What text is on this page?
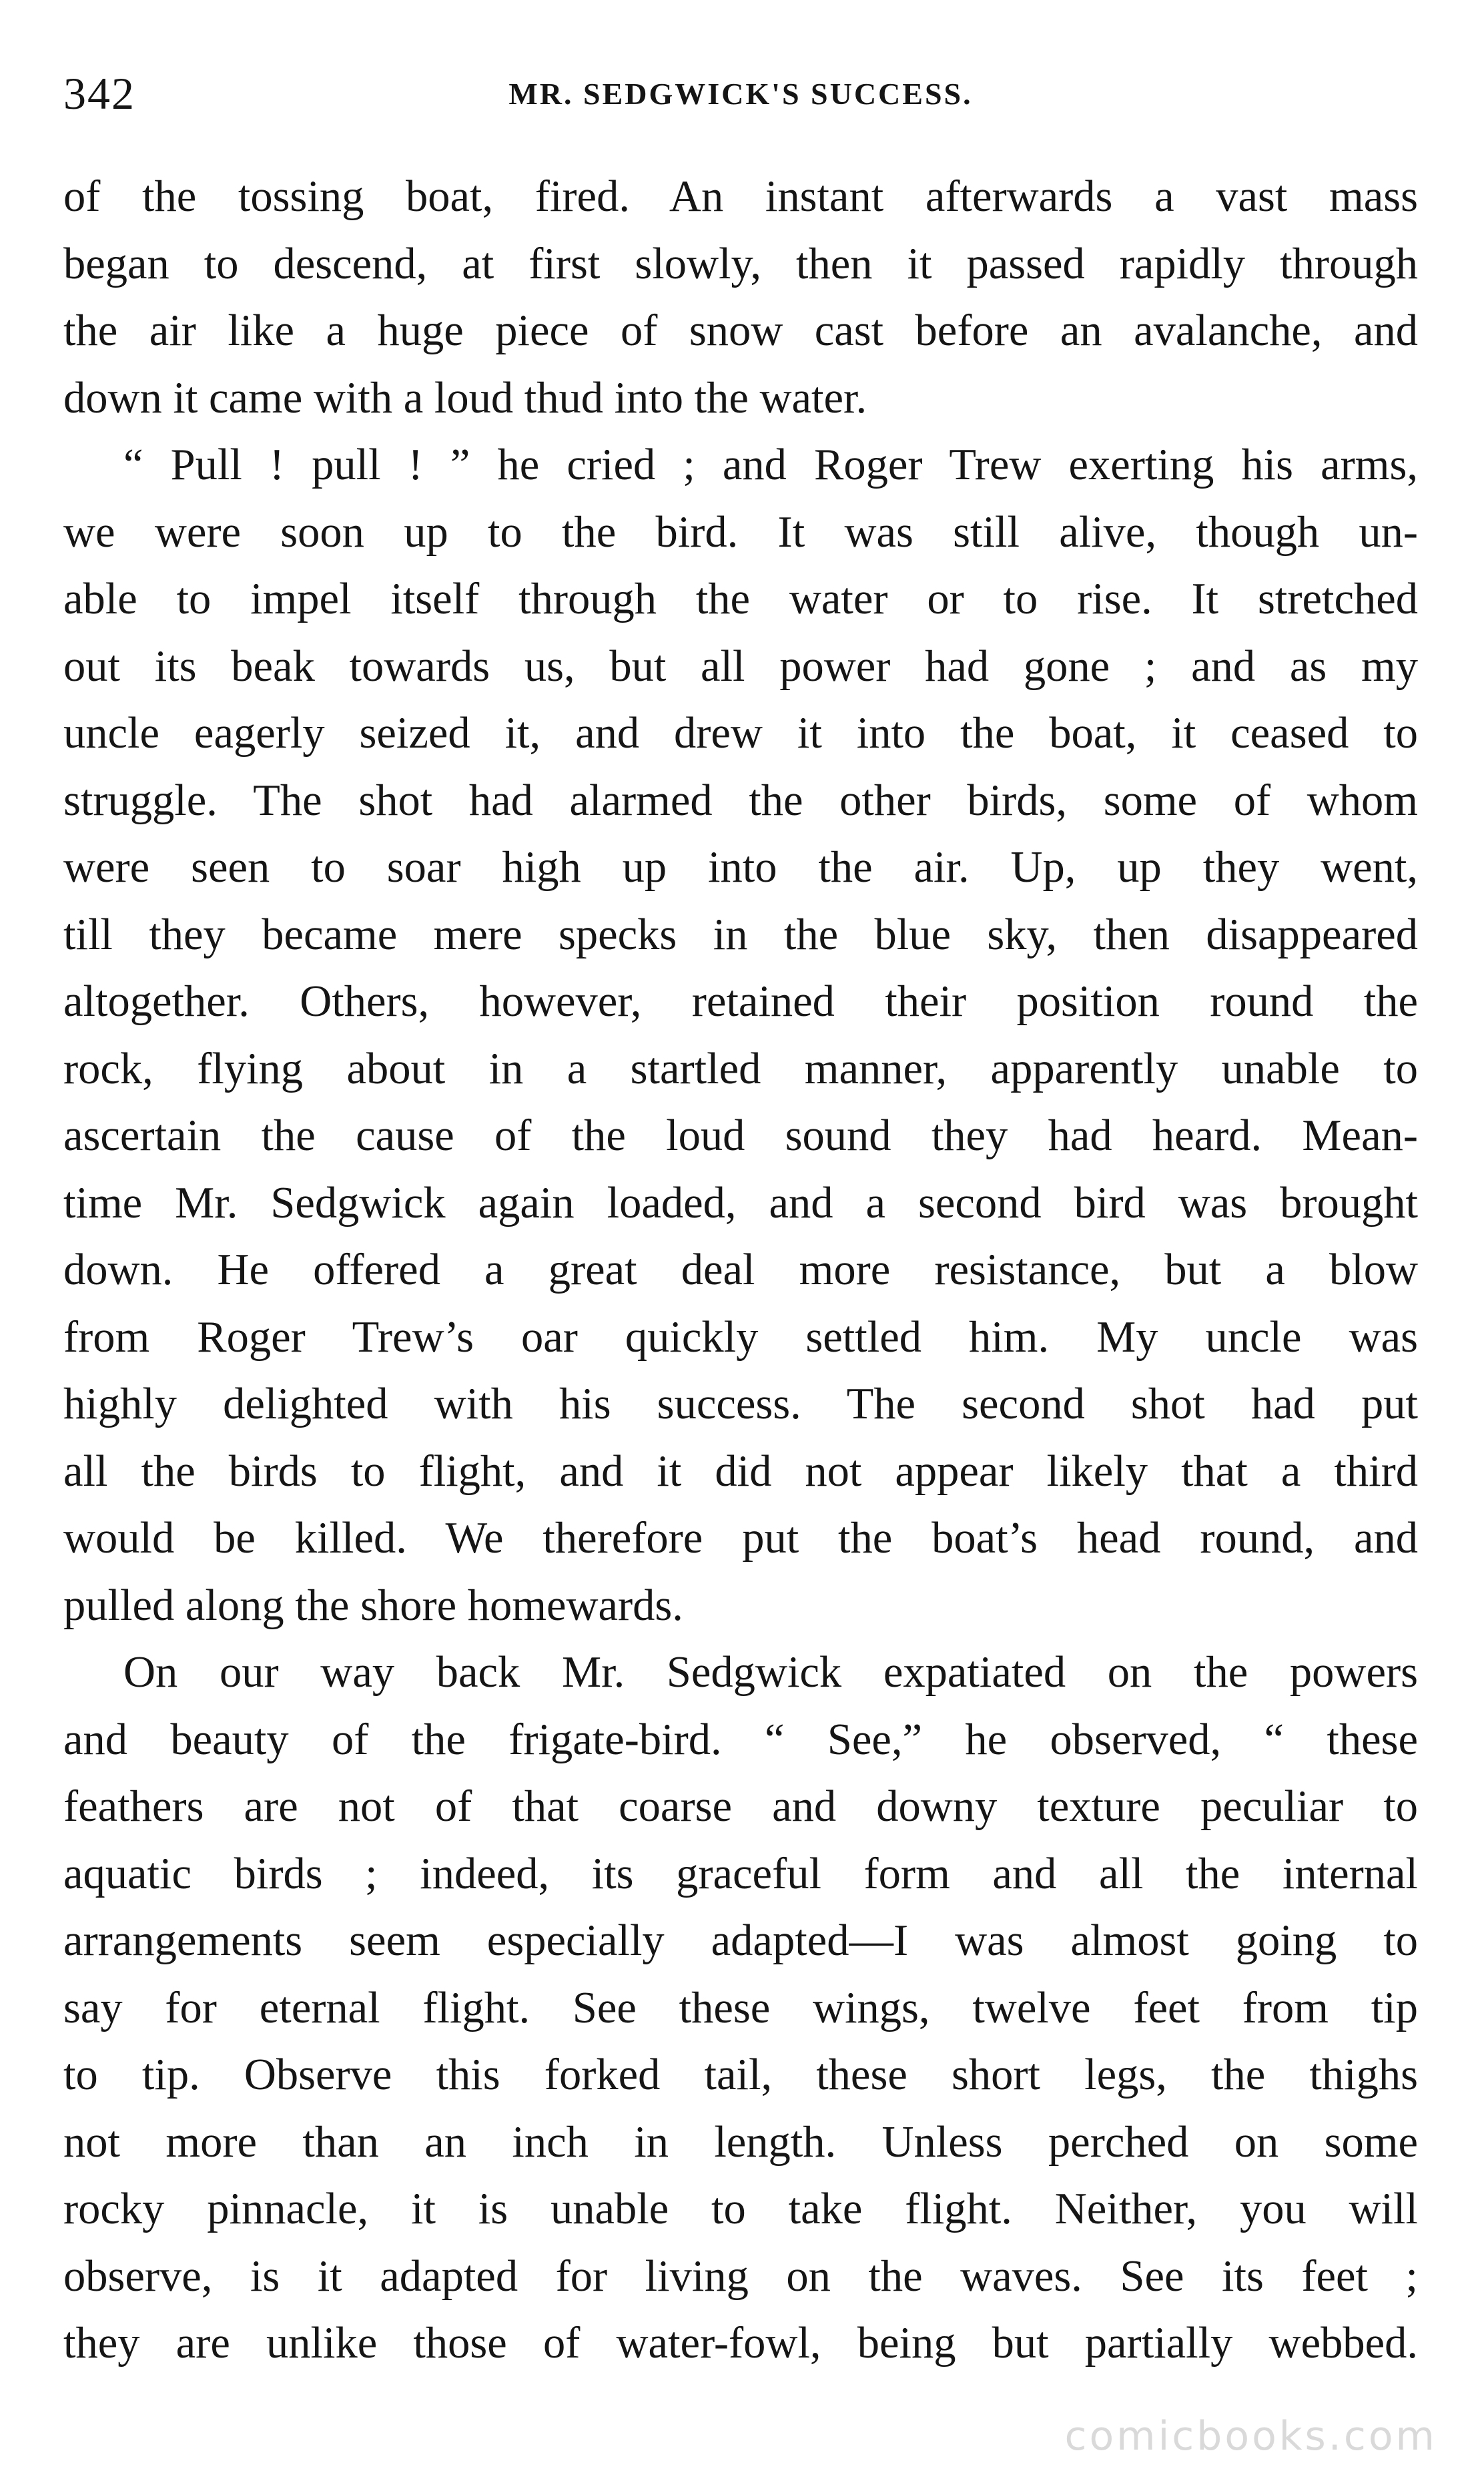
342	MR. SEDGWICK'S SUCCESS.

of the tossing boat, fired. An instant afterwards a vast mass

began to descend, at first slowly, then it passed rapidly through

the air like a huge piece of snow cast before an avalanche, and

down it came with a loud thud into the water.

“ Pull ! pull ! ” he cried ; and Roger Trew exerting his arms,

we were soon up to the bird. It was still alive, though un-

able to impel itself through the water or to rise. It stretched

out its beak towards us, but all power had gone ; and as my

uncle eagerly seized it, and drew it into the boat, it ceased to

struggle. The shot had alarmed the other birds, some of whom

were seen to soar high up into the air. Up, up they went,

till they became mere specks in the blue sky, then disappeared

altogether. Others, however, retained their position round the

rock, flying about in a startled manner, apparently unable to

ascertain the cause of the loud sound they had heard. Mean-

time Mr. Sedgwick again loaded, and a second bird was brought

down. He offered a great deal more resistance, but a blow

from Roger Trew’s oar quickly settled him. My uncle was

highly delighted with his success. The second shot had put

all the birds to flight, and it did not appear likely that a third

would be killed. We therefore put the boat’s head round, and

pulled along the shore homewards.

On our way back Mr. Sedgwick expatiated on the powers

and beauty of the frigate-bird. “ See,” he observed, “ these

feathers are not of that coarse and downy texture peculiar to

aquatic birds ; indeed, its graceful form and all the internal

arrangements seem especially adapted—I was almost going to

say for eternal flight. See these wings, twelve feet from tip

to tip. Observe this forked tail, these short legs, the thighs

not more than an inch in length. Unless perched on some

rocky pinnacle, it is unable to take flight. Neither, you will

observe, is it adapted for living on the waves. See its feet ;

they are unlike those of water-fowl, being but partially webbed.

comicbooks.com
